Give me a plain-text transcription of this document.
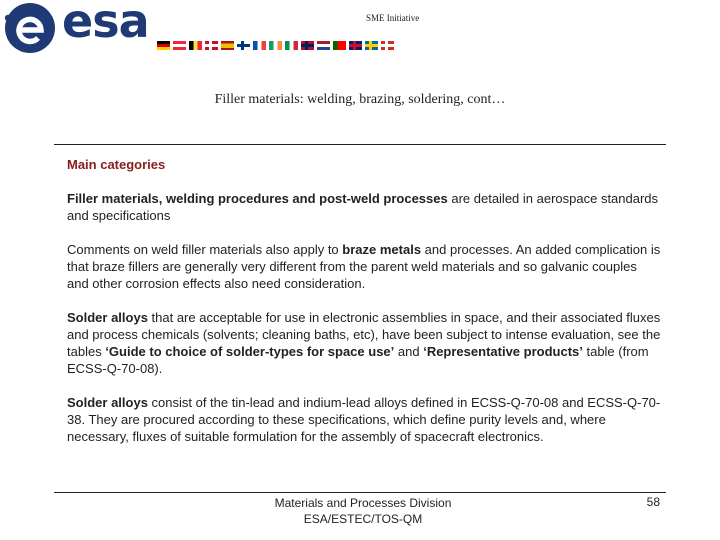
esa	SME Initiative
Filler materials: welding, brazing, soldering, cont…

Main categories

Filler materials, welding procedures and post-weld processes are detailed in aerospace standards and specifications

Comments on weld filler materials also apply to braze metals and processes. An added complication is that braze fillers are generally very different from the parent weld materials and so galvanic couples and other corrosion effects also need consideration.

Solder alloys that are acceptable for use in electronic assemblies in space, and their associated fluxes and process chemicals (solvents; cleaning baths, etc), have been subject to intense evaluation, see the tables ‘Guide to choice of solder-types for space use’ and ‘Representative products’ table (from ECSS-Q-70-08).

Solder alloys consist of the tin-lead and indium-lead alloys defined in ECSS-Q-70-08 and ECSS-Q-70-38. They are procured according to these specifications, which define purity levels and, where necessary, fluxes of suitable formulation for the assembly of spacecraft electronics.

Materials and Processes Division
ESA/ESTEC/TOS-QM
58
